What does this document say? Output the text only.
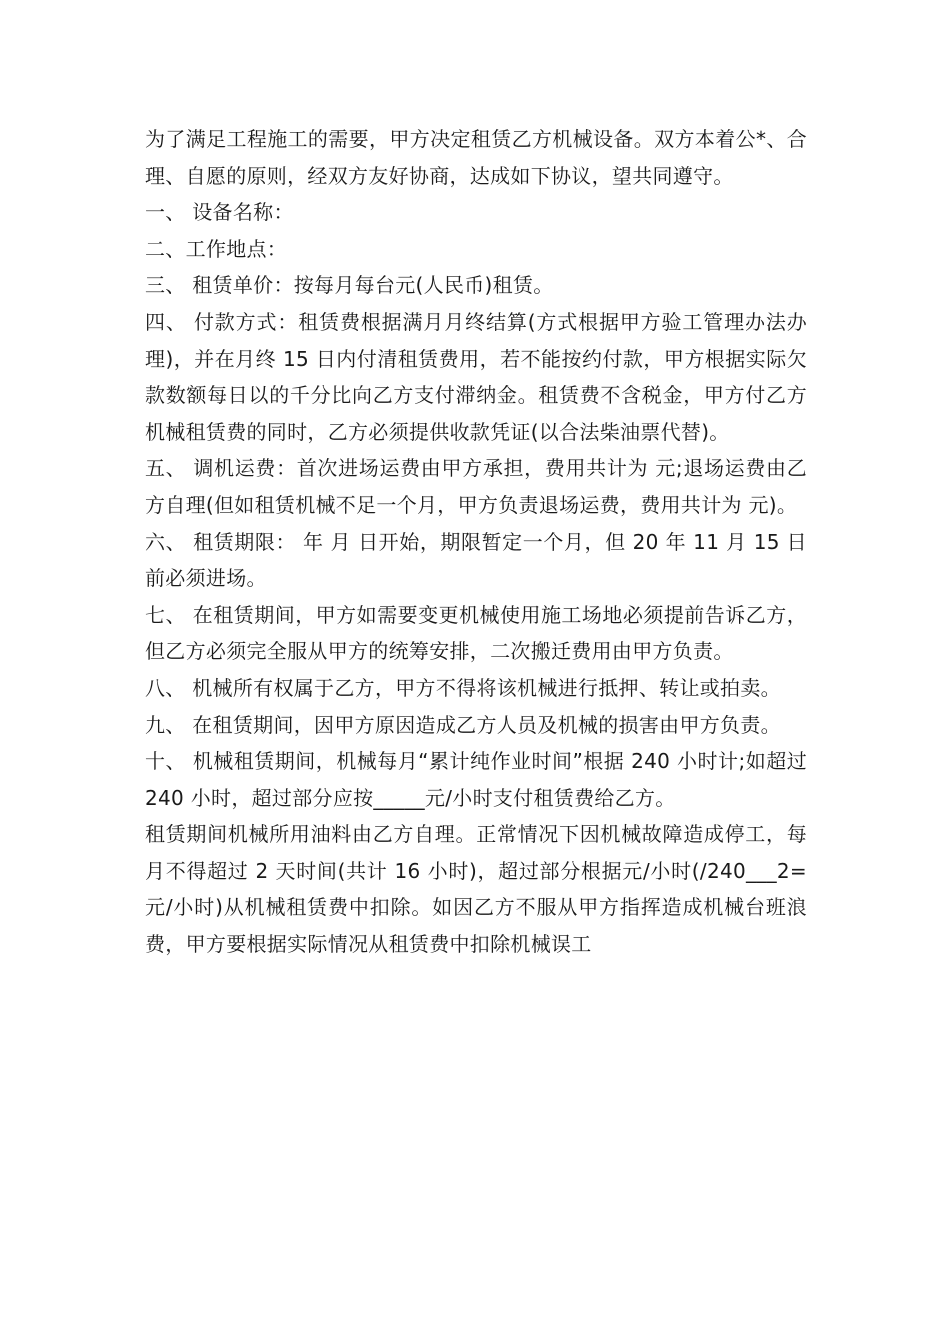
为了满足工程施工的需要，甲方决定租赁乙方机械设备。双方本着公*、合理、自愿的原则，经双方友好协商，达成如下协议，望共同遵守。

一、 设备名称：

二、工作地点：

三、 租赁单价：按每月每台元(人民币)租赁。

四、 付款方式：租赁费根据满月月终结算(方式根据甲方验工管理办法办理)，并在月终 15 日内付清租赁费用，若不能按约付款，甲方根据实际欠款数额每日以的千分比向乙方支付滞纳金。租赁费不含税金，甲方付乙方机械租赁费的同时，乙方必须提供收款凭证(以合法柴油票代替)。

五、 调机运费：首次进场运费由甲方承担，费用共计为 元;退场运费由乙方自理(但如租赁机械不足一个月，甲方负责退场运费，费用共计为 元)。

六、 租赁期限： 年 月 日开始，期限暂定一个月，但 20 年 11 月 15 日前必须进场。

七、 在租赁期间，甲方如需要变更机械使用施工场地必须提前告诉乙方，但乙方必须完全服从甲方的统筹安排，二次搬迁费用由甲方负责。

八、 机械所有权属于乙方，甲方不得将该机械进行抵押、转让或拍卖。

九、 在租赁期间，因甲方原因造成乙方人员及机械的损害由甲方负责。

十、 机械租赁期间，机械每月“累计纯作业时间”根据 240 小时计;如超过 240 小时，超过部分应按_____元/小时支付租赁费给乙方。

租赁期间机械所用油料由乙方自理。正常情况下因机械故障造成停工，每月不得超过 2 天时间(共计 16 小时)，超过部分根据元/小时(/240___2=元/小时)从机械租赁费中扣除。如因乙方不服从甲方指挥造成机械台班浪费，甲方要根据实际情况从租赁费中扣除机械误工
